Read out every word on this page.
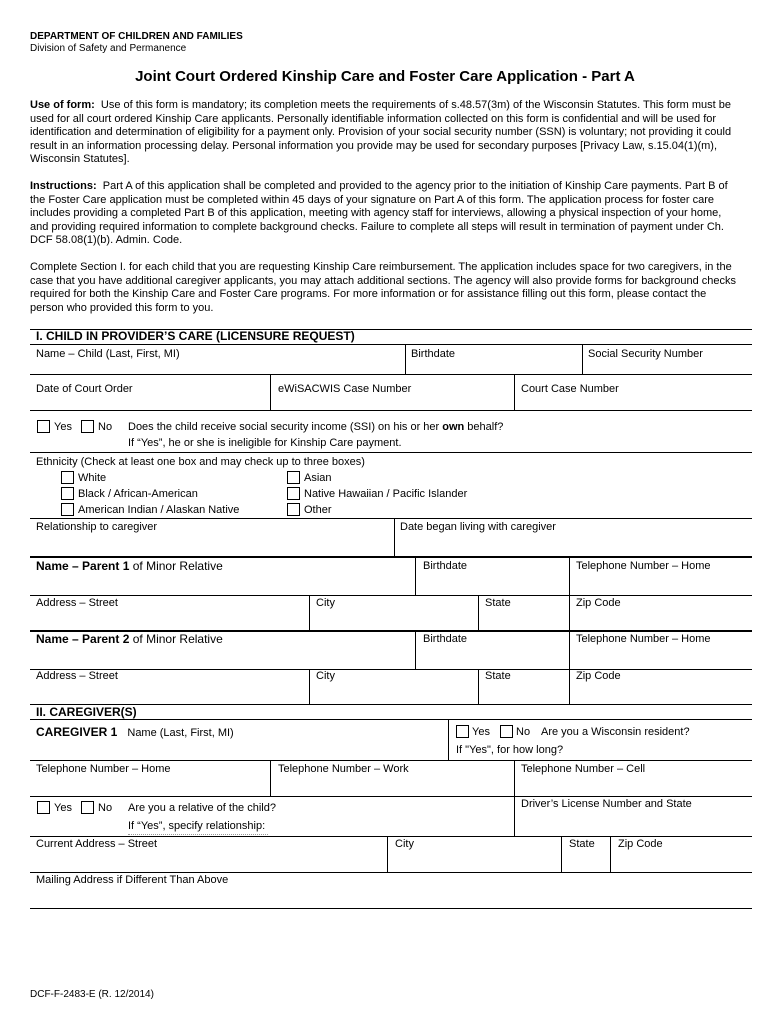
DEPARTMENT OF CHILDREN AND FAMILIES
Division of Safety and Permanence
Joint Court Ordered Kinship Care and Foster Care Application - Part A
Use of form: Use of this form is mandatory; its completion meets the requirements of s.48.57(3m) of the Wisconsin Statutes. This form must be used for all court ordered Kinship Care applicants. Personally identifiable information collected on this form is confidential and will be used for identification and determination of eligibility for a payment only. Provision of your social security number (SSN) is voluntary; not providing it could result in an information processing delay. Personal information you provide may be used for secondary purposes [Privacy Law, s.15.04(1)(m), Wisconsin Statutes].
Instructions: Part A of this application shall be completed and provided to the agency prior to the initiation of Kinship Care payments. Part B of the Foster Care application must be completed within 45 days of your signature on Part A of this form. The application process for foster care includes providing a completed Part B of this application, meeting with agency staff for interviews, allowing a physical inspection of your home, and providing required information to complete background checks. Failure to complete all steps will result in termination of payment under Ch. DCF 58.08(1)(b). Admin. Code.
Complete Section I. for each child that you are requesting Kinship Care reimbursement. The application includes space for two caregivers, in the case that you have additional caregiver applicants, you may attach additional sections. The agency will also provide forms for background checks required for both the Kinship Care and Foster Care programs. For more information or for assistance filling out this form, please contact the person who provided this form to you.
I. CHILD IN PROVIDER’S CARE (LICENSURE REQUEST)
Name – Child (Last, First, MI)	Birthdate	Social Security Number
Date of Court Order	eWiSACWIS Case Number	Court Case Number
Yes No Does the child receive social security income (SSI) on his or her own behalf?
If “Yes”, he or she is ineligible for Kinship Care payment.
Ethnicity (Check at least one box and may check up to three boxes)
White
Black / African-American
American Indian / Alaskan Native
Asian
Native Hawaiian / Pacific Islander
Other
Relationship to caregiver	Date began living with caregiver
Name – Parent 1 of Minor Relative	Birthdate	Telephone Number – Home
Address – Street	City	State	Zip Code
Name – Parent 2 of Minor Relative	Birthdate	Telephone Number – Home
Address – Street	City	State	Zip Code
II. CAREGIVER(S)
CAREGIVER 1 Name (Last, First, MI)	Yes No Are you a Wisconsin resident?
If "Yes", for how long?
Telephone Number – Home	Telephone Number – Work	Telephone Number – Cell
Yes No Are you a relative of the child?
If “Yes”, specify relationship:
Driver’s License Number and State
Current Address – Street	City	State Zip Code
Mailing Address if Different Than Above
DCF-F-2483-E (R. 12/2014)
